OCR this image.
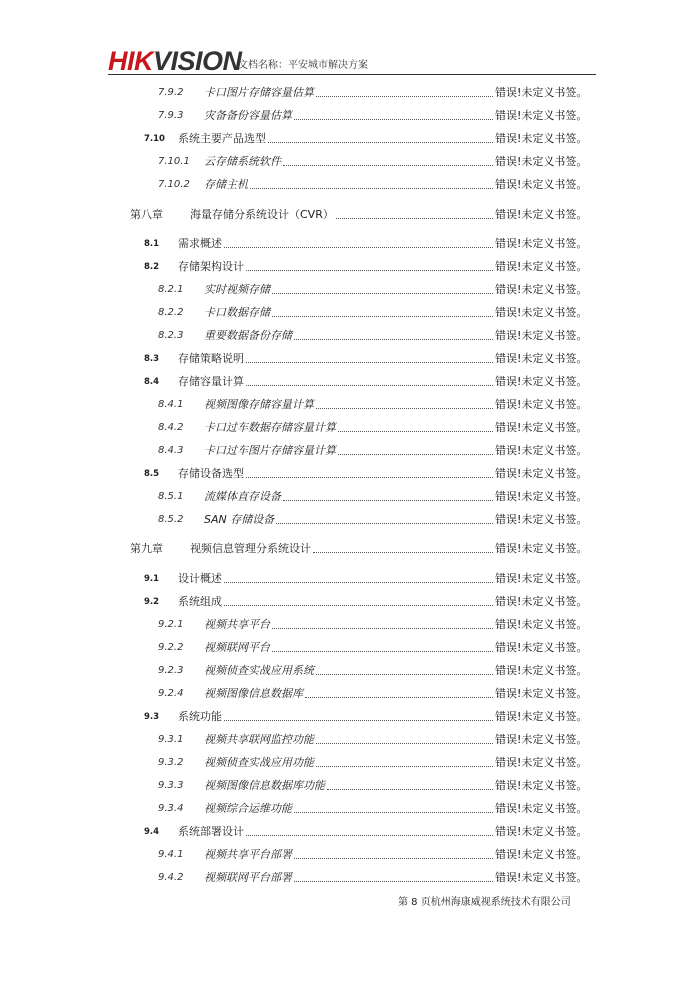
HIKVISION
文档名称：平安城市解决方案
7.9.2 卡口图片存储容量估算	错误!未定义书签。
7.9.3 灾备备份容量估算	错误!未定义书签。
7.10 系统主要产品选型	错误!未定义书签。
7.10.1 云存储系统软件	错误!未定义书签。
7.10.2 存储主机	错误!未定义书签。
第八章 海量存储分系统设计（CVR）	错误!未定义书签。
8.1 需求概述	错误!未定义书签。
8.2 存储架构设计	错误!未定义书签。
8.2.1 实时视频存储	错误!未定义书签。
8.2.2 卡口数据存储	错误!未定义书签。
8.2.3 重要数据备份存储	错误!未定义书签。
8.3 存储策略说明	错误!未定义书签。
8.4 存储容量计算	错误!未定义书签。
8.4.1 视频图像存储容量计算	错误!未定义书签。
8.4.2 卡口过车数据存储容量计算	错误!未定义书签。
8.4.3 卡口过车图片存储容量计算	错误!未定义书签。
8.5 存储设备选型	错误!未定义书签。
8.5.1 流媒体直存设备	错误!未定义书签。
8.5.2 SAN 存储设备	错误!未定义书签。
第九章 视频信息管理分系统设计	错误!未定义书签。
9.1 设计概述	错误!未定义书签。
9.2 系统组成	错误!未定义书签。
9.2.1 视频共享平台	错误!未定义书签。
9.2.2 视频联网平台	错误!未定义书签。
9.2.3 视频侦查实战应用系统	错误!未定义书签。
9.2.4 视频图像信息数据库	错误!未定义书签。
9.3 系统功能	错误!未定义书签。
9.3.1 视频共享联网监控功能	错误!未定义书签。
9.3.2 视频侦查实战应用功能	错误!未定义书签。
9.3.3 视频图像信息数据库功能	错误!未定义书签。
9.3.4 视频综合运维功能	错误!未定义书签。
9.4 系统部署设计	错误!未定义书签。
9.4.1 视频共享平台部署	错误!未定义书签。
9.4.2 视频联网平台部署	错误!未定义书签。
第 8 页杭州海康威视系统技术有限公司
